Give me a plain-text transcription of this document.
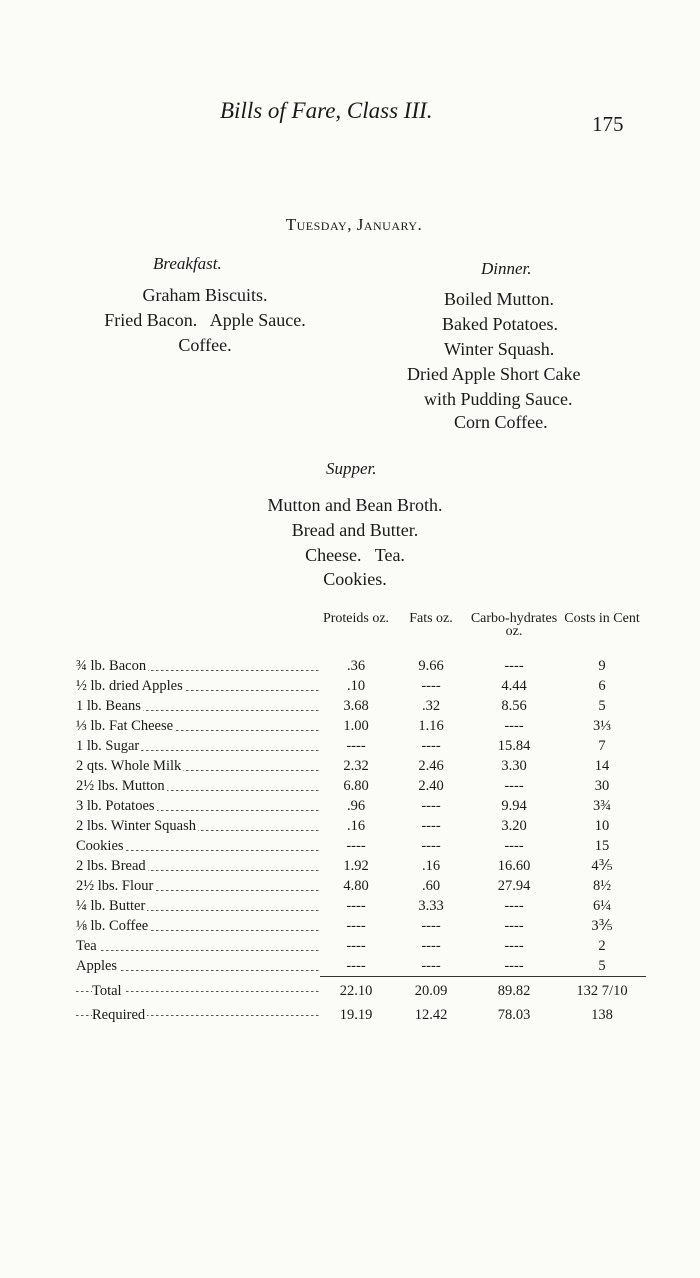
Bills of Fare, Class III.
175
Tuesday, January.
Breakfast.
Graham Biscuits.
Fried Bacon.   Apple Sauce.
Coffee.
Dinner.
Boiled Mutton.
Baked Potatoes.
Winter Squash.
Dried Apple Short Cake
with Pudding Sauce.
Corn Coffee.
Supper.
Mutton and Bean Broth.
Bread and Butter.
Cheese.   Tea.
Cookies.
	Proteids oz.	Fats oz.	Carbo-hydrates oz.	Costs in Cent
¾ lb. Bacon	.36	9.66	----	9
½ lb. dried Apples	.10	----	4.44	6
1 lb. Beans	3.68	.32	8.56	5
⅓ lb. Fat Cheese	1.00	1.16	----	3⅓
1 lb. Sugar	----	----	15.84	7
2 qts. Whole Milk	2.32	2.46	3.30	14
2½ lbs. Mutton	6.80	2.40	----	30
3 lb. Potatoes	.96	----	9.94	3¾
2 lbs. Winter Squash	.16	----	3.20	10
Cookies	----	----	----	15
2 lbs. Bread	1.92	.16	16.60	4⅗
2½ lbs. Flour	4.80	.60	27.94	8½
¼ lb. Butter	----	3.33	----	6¼
⅛ lb. Coffee	----	----	----	3⅗
Tea	----	----	----	2
Apples	----	----	----	5
Total	22.10	20.09	89.82	132 7/10
Required	19.19	12.42	78.03	138
